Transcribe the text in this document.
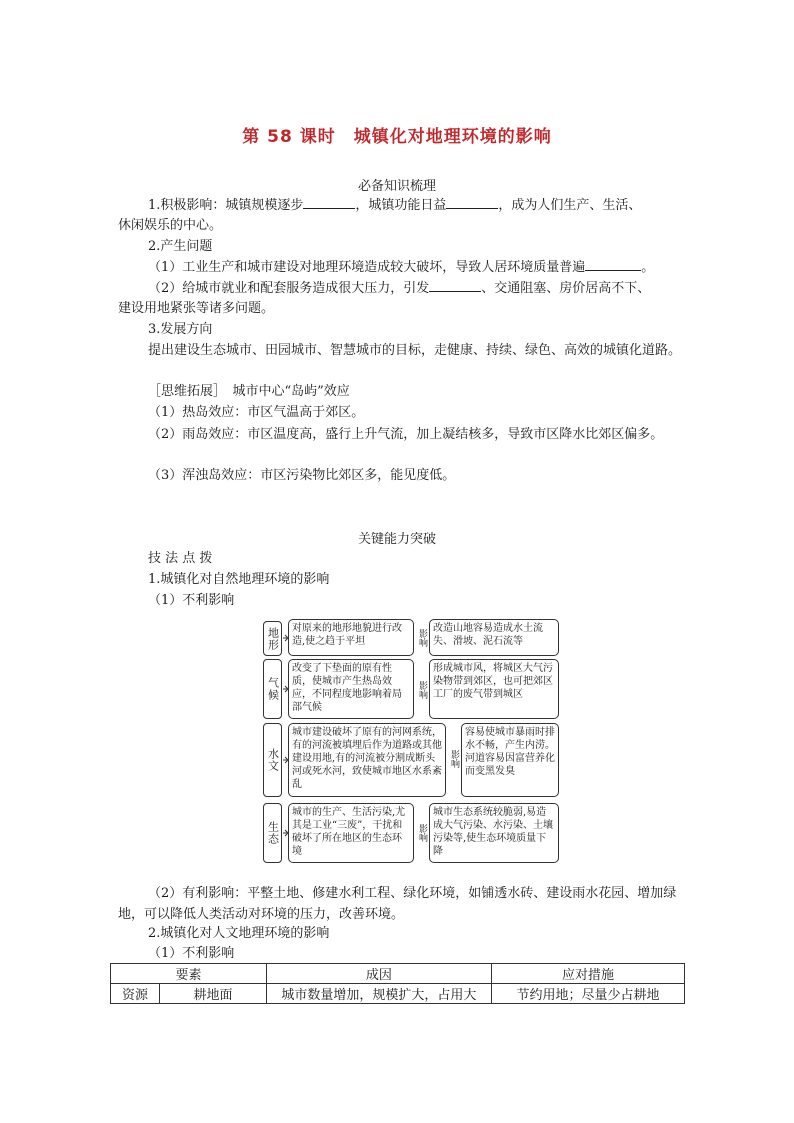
第 58 课时　城镇化对地理环境的影响
必备知识梳理
1.积极影响：城镇规模逐步	，城镇功能日益	，成为人们生产、生活、
休闲娱乐的中心。
2.产生问题
（1）工业生产和城市建设对地理环境造成较大破坏，导致人居环境质量普遍	。
（2）给城市就业和配套服务造成很大压力，引发	、交通阻塞、房价居高不下、
建设用地紧张等诸多问题。
3.发展方向
提出建设生态城市、田园城市、智慧城市的目标，走健康、持续、绿色、高效的城镇化道路。
［思维拓展］　城市中心“岛屿”效应
（1）热岛效应：市区气温高于郊区。
（2）雨岛效应：市区温度高，盛行上升气流，加上凝结核多，导致市区降水比郊区偏多。
（3）浑浊岛效应：市区污染物比郊区多，能见度低。
关键能力突破
技 法 点 拨
1.城镇化对自然地理环境的影响
（1）不利影响
地形	对原来的地形地貌进行改造,使之趋于平坦	影响
改造山地容易造成水土流失、滑坡、泥石流等
气候
改变了下垫面的原有性质，使城市产生热岛效应，不同程度地影响着局部气候
影响
形成城市风，将城区大气污染物带到郊区，也可把郊区工厂的废气带到城区
水文
城市建设破坏了原有的河网系统，有的河流被填埋后作为道路或其他建设用地,有的河流被分割成断头河或死水河，致使城市地区水系紊乱
影响
容易使城市暴雨时排水不畅，产生内涝。河道容易因富营养化而变黑发臭
生态
城市的生产、生活污染,尤其是工业“三废”，干扰和破坏了所在地区的生态环境
影响
城市生态系统较脆弱,易造成大气污染、水污染、土壤污染等,使生态环境质量下降
（2）有利影响：平整土地、修建水利工程、绿化环境，如铺透水砖、建设雨水花园、增加绿地，可以降低人类活动对环境的压力，改善环境。
2.城镇化对人文地理环境的影响
（1）不利影响
要素		成因	应对措施
资源	耕地面	城市数量增加，规模扩大，占用大	节约用地；尽量少占耕地
